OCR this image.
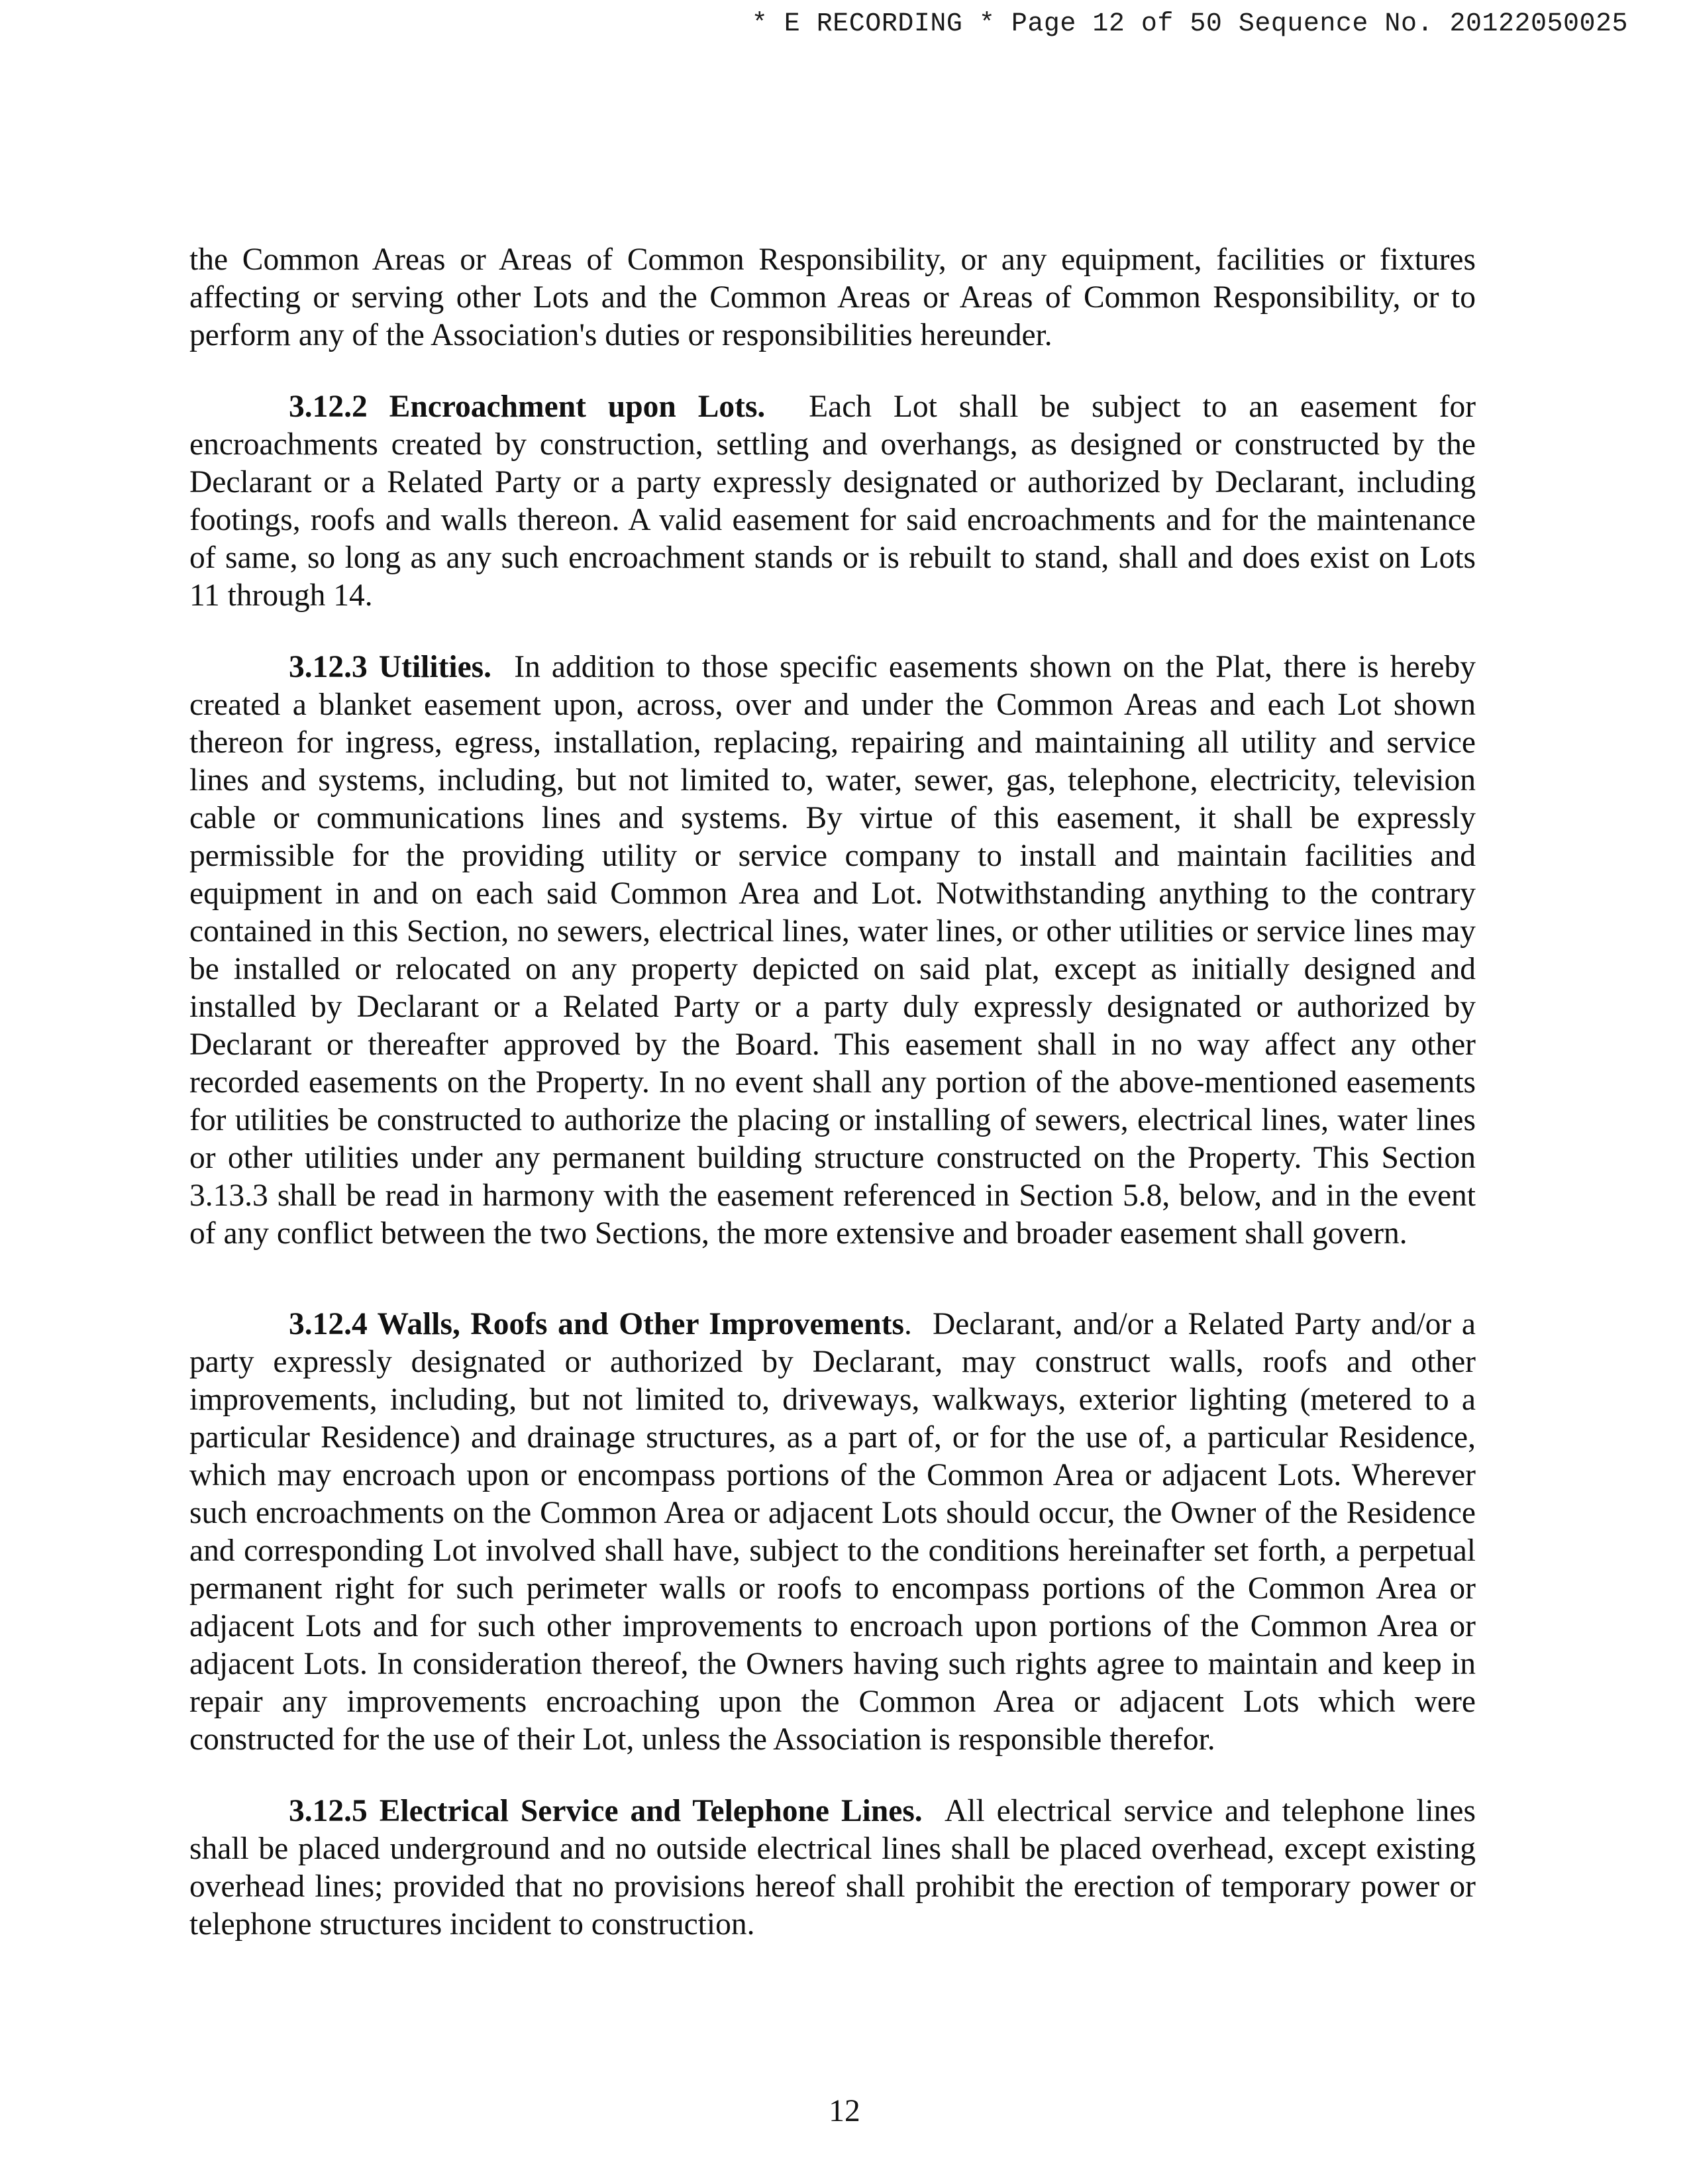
* E RECORDING * Page 12 of 50 Sequence No. 20122050025

the Common Areas or Areas of Common Responsibility, or any equipment, facilities or fixtures affecting or serving other Lots and the Common Areas or Areas of Common Responsibility, or to perform any of the Association's duties or responsibilities hereunder.

3.12.2 Encroachment upon Lots. Each Lot shall be subject to an easement for encroachments created by construction, settling and overhangs, as designed or constructed by the Declarant or a Related Party or a party expressly designated or authorized by Declarant, including footings, roofs and walls thereon. A valid easement for said encroachments and for the maintenance of same, so long as any such encroachment stands or is rebuilt to stand, shall and does exist on Lots 11 through 14.

3.12.3 Utilities. In addition to those specific easements shown on the Plat, there is hereby created a blanket easement upon, across, over and under the Common Areas and each Lot shown thereon for ingress, egress, installation, replacing, repairing and maintaining all utility and service lines and systems, including, but not limited to, water, sewer, gas, telephone, electricity, television cable or communications lines and systems. By virtue of this easement, it shall be expressly permissible for the providing utility or service company to install and maintain facilities and equipment in and on each said Common Area and Lot. Notwithstanding anything to the contrary contained in this Section, no sewers, electrical lines, water lines, or other utilities or service lines may be installed or relocated on any property depicted on said plat, except as initially designed and installed by Declarant or a Related Party or a party duly expressly designated or authorized by Declarant or thereafter approved by the Board. This easement shall in no way affect any other recorded easements on the Property. In no event shall any portion of the above-mentioned easements for utilities be constructed to authorize the placing or installing of sewers, electrical lines, water lines or other utilities under any permanent building structure constructed on the Property. This Section 3.13.3 shall be read in harmony with the easement referenced in Section 5.8, below, and in the event of any conflict between the two Sections, the more extensive and broader easement shall govern.

3.12.4 Walls, Roofs and Other Improvements. Declarant, and/or a Related Party and/or a party expressly designated or authorized by Declarant, may construct walls, roofs and other improvements, including, but not limited to, driveways, walkways, exterior lighting (metered to a particular Residence) and drainage structures, as a part of, or for the use of, a particular Residence, which may encroach upon or encompass portions of the Common Area or adjacent Lots. Wherever such encroachments on the Common Area or adjacent Lots should occur, the Owner of the Residence and corresponding Lot involved shall have, subject to the conditions hereinafter set forth, a perpetual permanent right for such perimeter walls or roofs to encompass portions of the Common Area or adjacent Lots and for such other improvements to encroach upon portions of the Common Area or adjacent Lots. In consideration thereof, the Owners having such rights agree to maintain and keep in repair any improvements encroaching upon the Common Area or adjacent Lots which were constructed for the use of their Lot, unless the Association is responsible therefor.

3.12.5 Electrical Service and Telephone Lines. All electrical service and telephone lines shall be placed underground and no outside electrical lines shall be placed overhead, except existing overhead lines; provided that no provisions hereof shall prohibit the erection of temporary power or telephone structures incident to construction.

12
